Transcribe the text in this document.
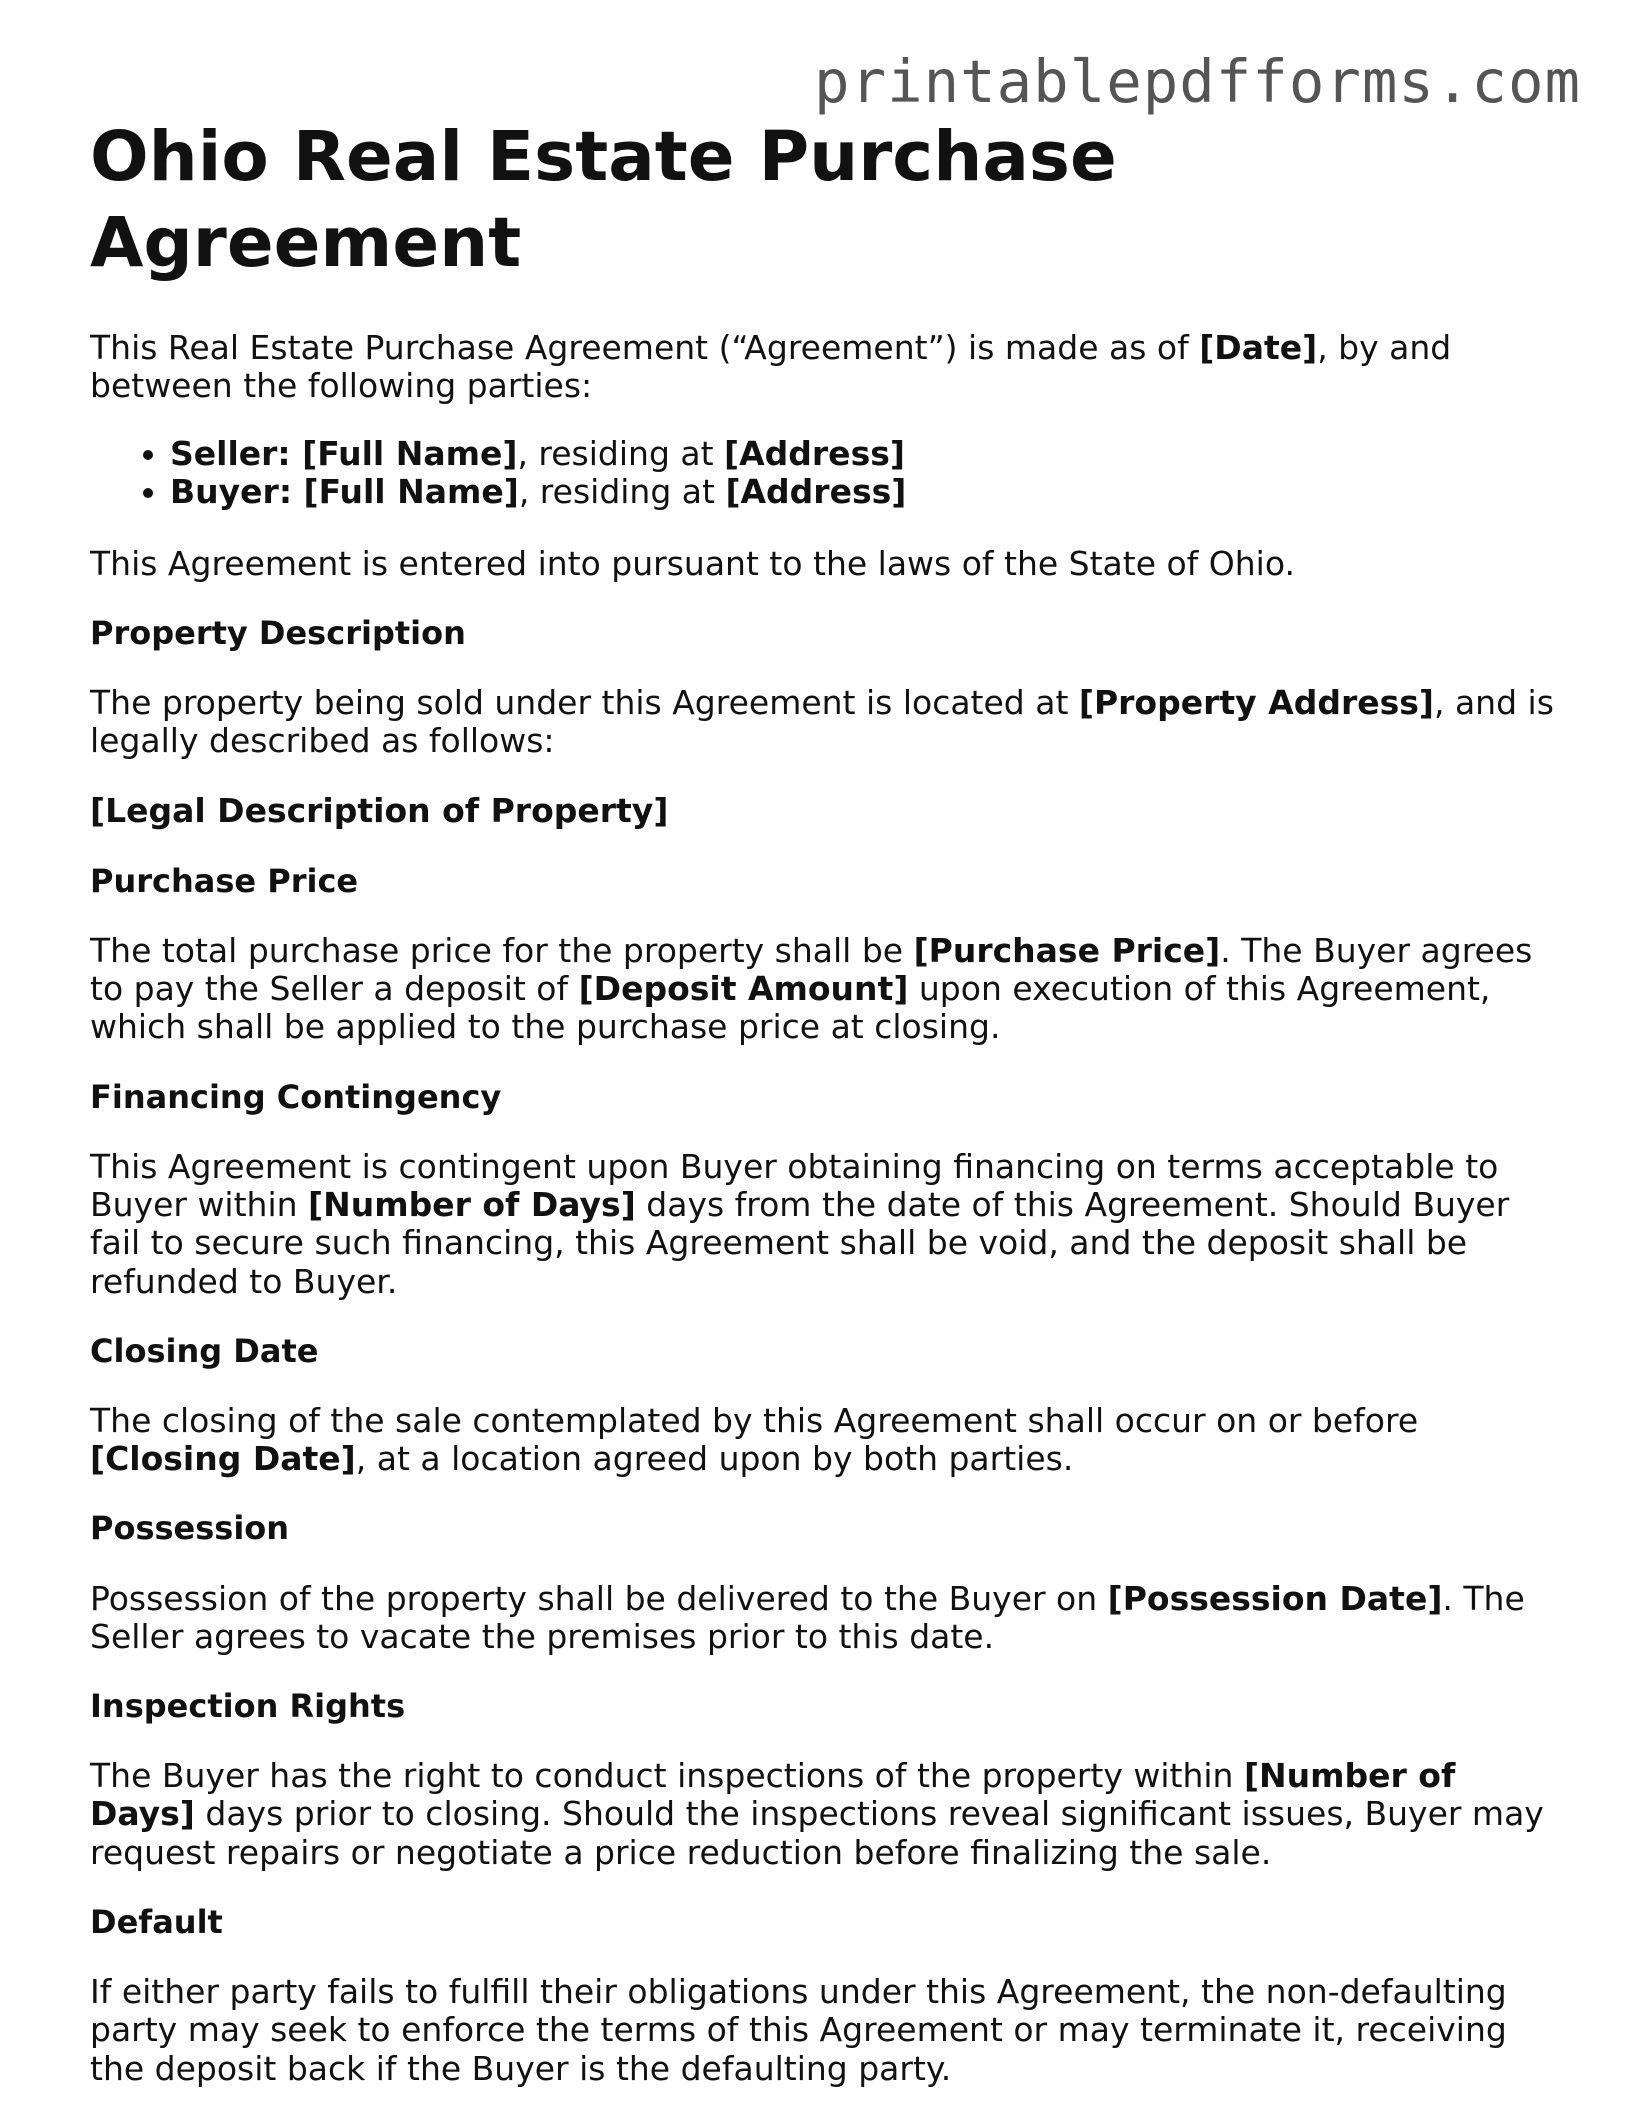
printablepdfforms.com
Ohio Real Estate Purchase Agreement

This Real Estate Purchase Agreement (“Agreement”) is made as of [Date], by and between the following parties:

• Seller: [Full Name], residing at [Address]
• Buyer: [Full Name], residing at [Address]

This Agreement is entered into pursuant to the laws of the State of Ohio.

Property Description

The property being sold under this Agreement is located at [Property Address], and is legally described as follows:

[Legal Description of Property]

Purchase Price

The total purchase price for the property shall be [Purchase Price]. The Buyer agrees to pay the Seller a deposit of [Deposit Amount] upon execution of this Agreement, which shall be applied to the purchase price at closing.

Financing Contingency

This Agreement is contingent upon Buyer obtaining financing on terms acceptable to Buyer within [Number of Days] days from the date of this Agreement. Should Buyer fail to secure such financing, this Agreement shall be void, and the deposit shall be refunded to Buyer.

Closing Date

The closing of the sale contemplated by this Agreement shall occur on or before [Closing Date], at a location agreed upon by both parties.

Possession

Possession of the property shall be delivered to the Buyer on [Possession Date]. The Seller agrees to vacate the premises prior to this date.

Inspection Rights

The Buyer has the right to conduct inspections of the property within [Number of Days] days prior to closing. Should the inspections reveal significant issues, Buyer may request repairs or negotiate a price reduction before finalizing the sale.

Default

If either party fails to fulfill their obligations under this Agreement, the non-defaulting party may seek to enforce the terms of this Agreement or may terminate it, receiving the deposit back if the Buyer is the defaulting party.
